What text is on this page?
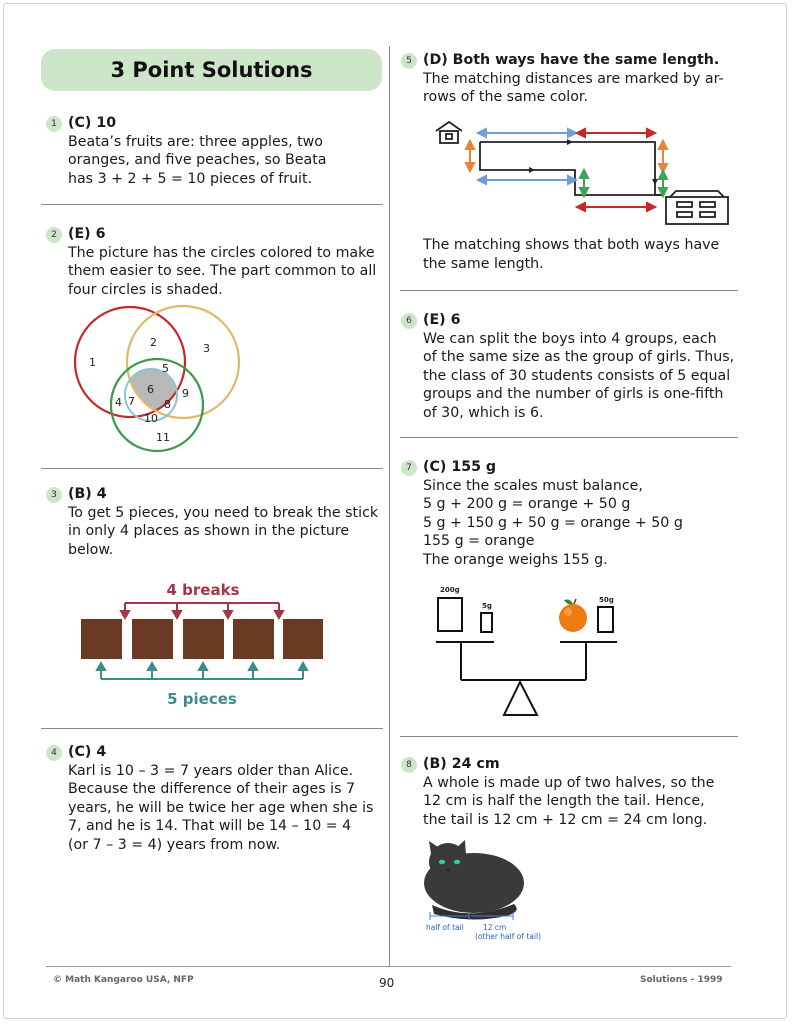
3 Point Solutions
1 (C) 10
Beata’s fruits are: three apples, two
oranges, and five peaches, so Beata
has 3 + 2 + 5 = 10 pieces of fruit.
2 (E) 6
The picture has the circles colored to make
them easier to see. The part common to all
four circles is shaded.
1
2	3
5
6
4 7	8
9
10
11
3 (B) 4
To get 5 pieces, you need to break the stick
in only 4 places as shown in the picture
below.
4 breaks
5 pieces
4 (C) 4
Karl is 10 – 3 = 7 years older than Alice.
Because the difference of their ages is 7
years, he will be twice her age when she is
7, and he is 14. That will be 14 – 10 = 4
(or 7 – 3 = 4) years from now.
5 (D) Both ways have the same length.
The matching distances are marked by ar-
rows of the same color.
The matching shows that both ways have
the same length.
6 (E) 6
We can split the boys into 4 groups, each
of the same size as the group of girls. Thus,
the class of 30 students consists of 5 equal
groups and the number of girls is one-fifth
of 30, which is 6.
7 (C) 155 g
Since the scales must balance,
5 g + 200 g = orange + 50 g
5 g + 150 g + 50 g = orange + 50 g
155 g = orange
The orange weighs 155 g.
200g
5g
50g
8 (B) 24 cm
A whole is made up of two halves, so the
12 cm is half the length the tail. Hence,
the tail is 12 cm + 12 cm = 24 cm long.
half of tail	12 cm
(other half of tail)
© Math Kangaroo USA, NFP	90	Solutions - 1999
